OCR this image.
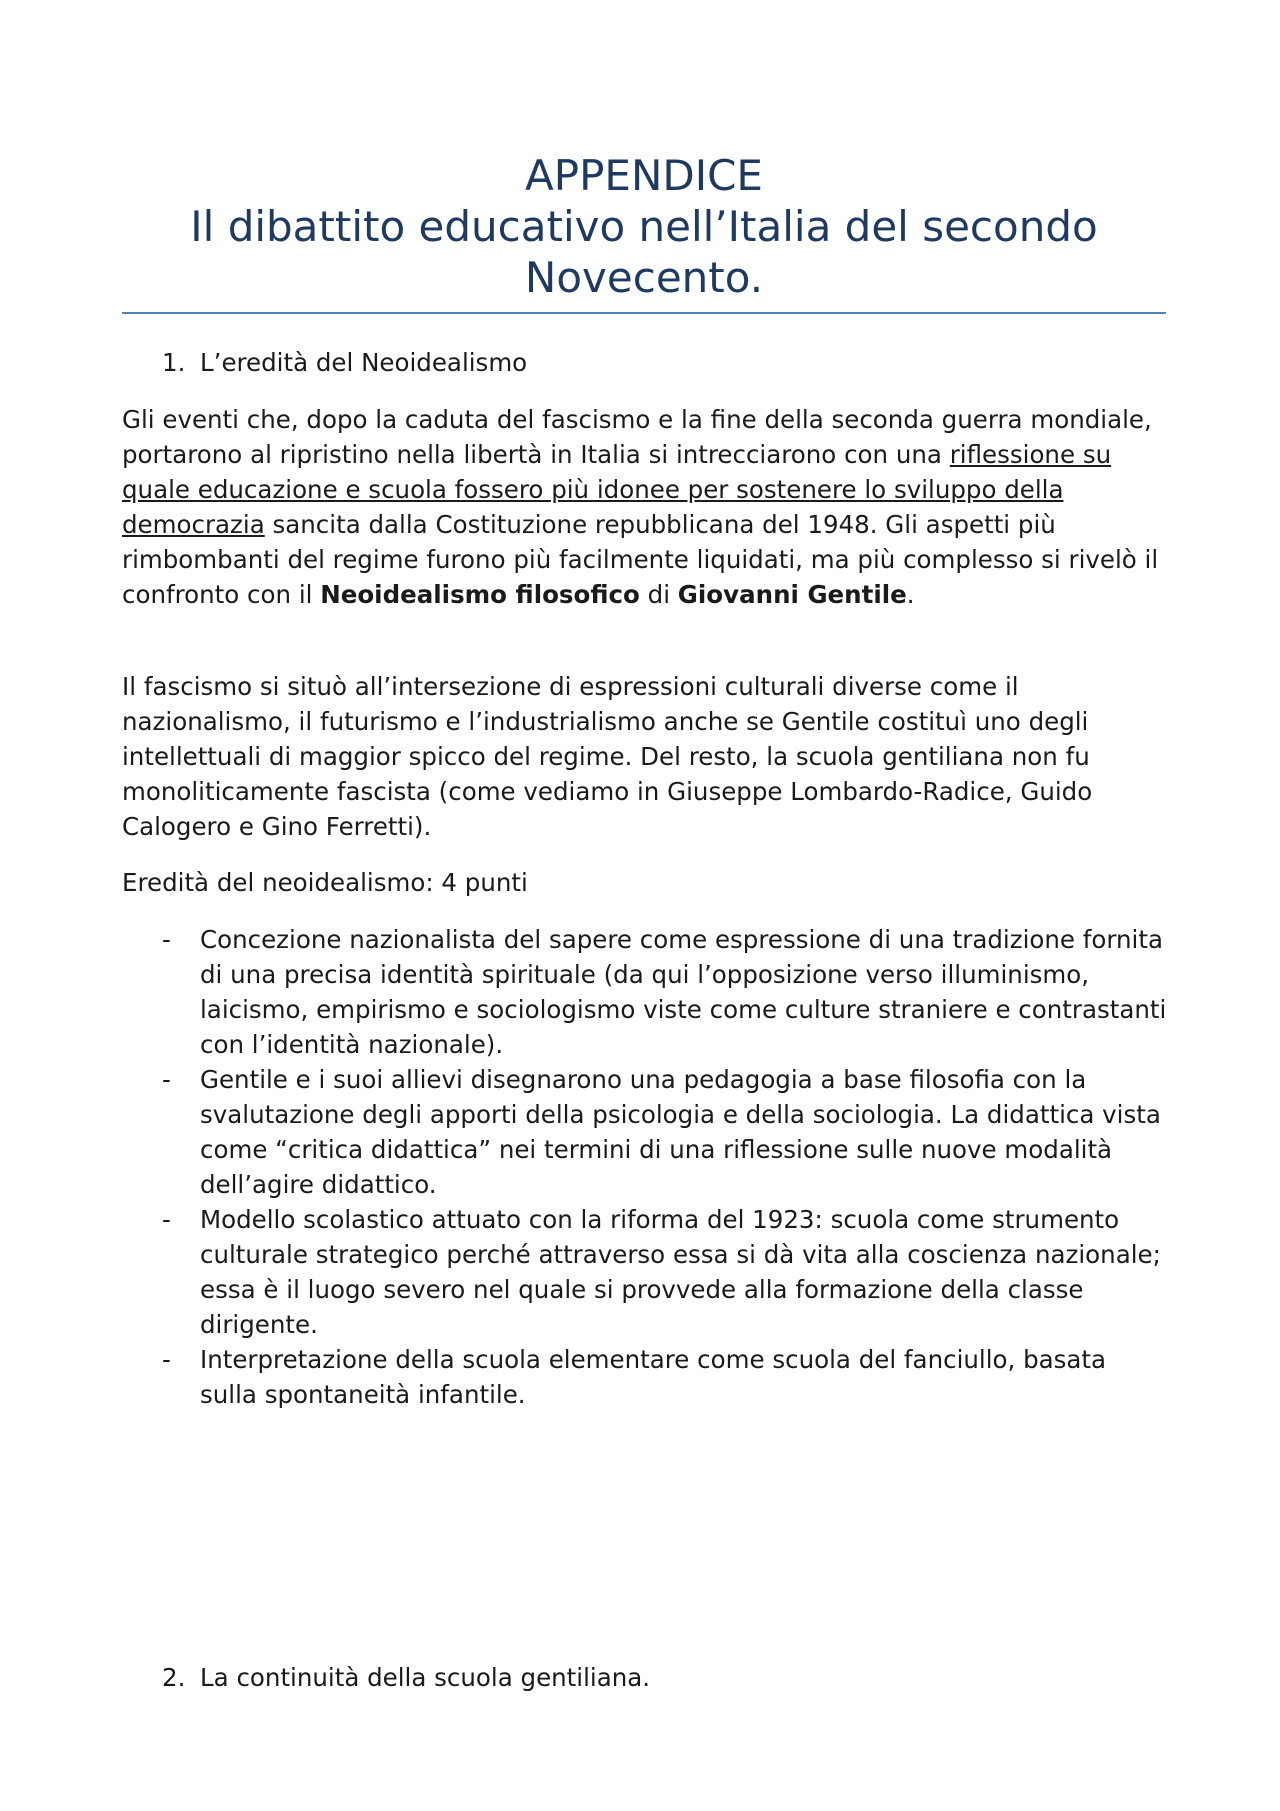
APPENDICE
Il dibattito educativo nell’Italia del secondo
Novecento.
1. L’eredità del Neoidealismo
Gli eventi che, dopo la caduta del fascismo e la fine della seconda guerra mondiale, portarono al ripristino nella libertà in Italia si intrecciarono con una riflessione su quale educazione e scuola fossero più idonee per sostenere lo sviluppo della democrazia sancita dalla Costituzione repubblicana del 1948. Gli aspetti più rimbombanti del regime furono più facilmente liquidati, ma più complesso si rivelò il confronto con il Neoidealismo filosofico di Giovanni Gentile.
Il fascismo si situò all’intersezione di espressioni culturali diverse come il nazionalismo, il futurismo e l’industrialismo anche se Gentile costituì uno degli intellettuali di maggior spicco del regime. Del resto, la scuola gentiliana non fu monoliticamente fascista (come vediamo in Giuseppe Lombardo-Radice, Guido Calogero e Gino Ferretti).
Eredità del neoidealismo: 4 punti
- Concezione nazionalista del sapere come espressione di una tradizione fornita di una precisa identità spirituale (da qui l’opposizione verso illuminismo, laicismo, empirismo e sociologismo viste come culture straniere e contrastanti con l’identità nazionale).
- Gentile e i suoi allievi disegnarono una pedagogia a base filosofia con la svalutazione degli apporti della psicologia e della sociologia. La didattica vista come “critica didattica” nei termini di una riflessione sulle nuove modalità dell’agire didattico.
- Modello scolastico attuato con la riforma del 1923: scuola come strumento culturale strategico perché attraverso essa si dà vita alla coscienza nazionale; essa è il luogo severo nel quale si provvede alla formazione della classe dirigente.
- Interpretazione della scuola elementare come scuola del fanciullo, basata sulla spontaneità infantile.
2. La continuità della scuola gentiliana.
